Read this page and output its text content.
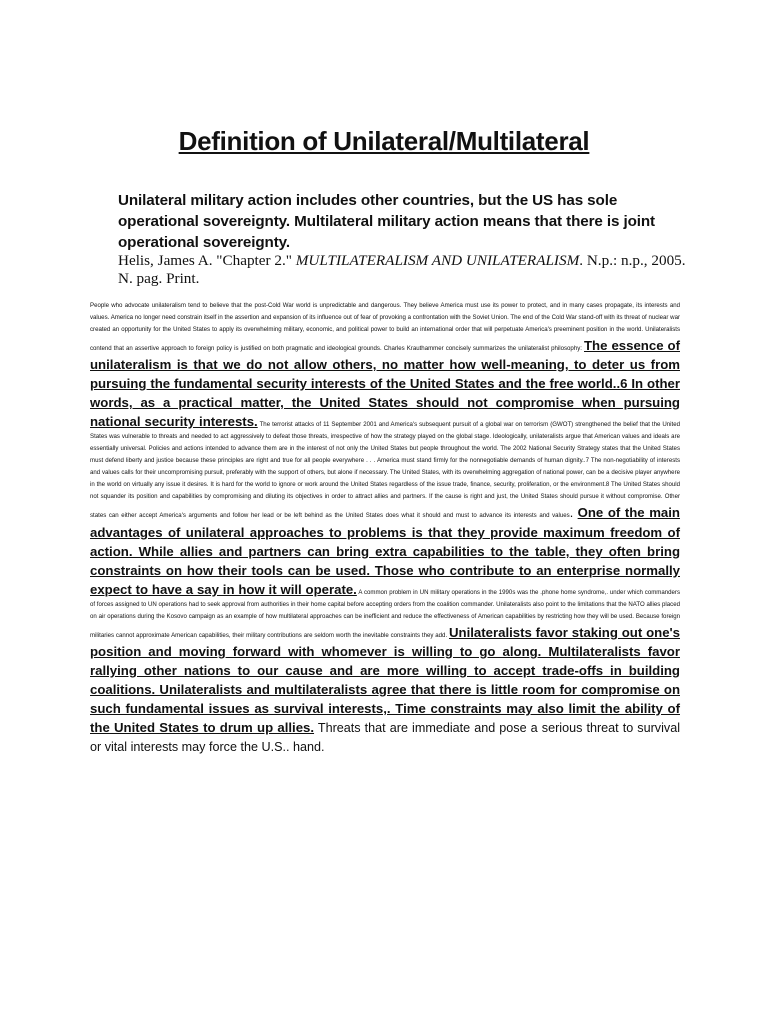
Definition of Unilateral/Multilateral

Unilateral military action includes other countries, but the US has sole operational sovereignty. Multilateral military action means that there is joint operational sovereignty.

Helis, James A. "Chapter 2." MULTILATERALISM AND UNILATERALISM. N.p.: n.p., 2005. N. pag. Print.

People who advocate unilateralism tend to believe that the post-Cold War world is unpredictable and dangerous. They believe America must use its power to protect, and in many cases propagate, its interests and values. America no longer need constrain itself in the assertion and expansion of its influence out of fear of provoking a confrontation with the Soviet Union. The end of the Cold War stand-off with its threat of nuclear war created an opportunity for the United States to apply its overwhelming military, economic, and political power to build an international order that will perpetuate America's preeminent position in the world. Unilateralists contend that an assertive approach to foreign policy is justified on both pragmatic and ideological grounds. Charles Krauthammer concisely summarizes the unilateralist philosophy: The essence of unilateralism is that we do not allow others, no matter how well-meaning, to deter us from pursuing the fundamental security interests of the United States and the free world..6 In other words, as a practical matter, the United States should not compromise when pursuing national security interests. The terrorist attacks of 11 September 2001 and America's subsequent pursuit of a global war on terrorism (GWOT) strengthened the belief that the United States was vulnerable to threats and needed to act aggressively to defeat those threats, irrespective of how the strategy played on the global stage. Ideologically, unilateralists argue that American values and ideals are essentially universal. Policies and actions intended to advance them are in the interest of not only the United States but people throughout the world. The 2002 National Security Strategy states that the United States must defend liberty and justice because these principles are right and true for all people everywhere . . . America must stand firmly for the nonnegotiable demands of human dignity..7 The non-negotiability of interests and values calls for their uncompromising pursuit, preferably with the support of others, but alone if necessary. The United States, with its overwhelming aggregation of national power, can be a decisive player anywhere in the world on virtually any issue it desires. It is hard for the world to ignore or work around the United States regardless of the issue trade, finance, security, proliferation, or the environment.8 The United States should not squander its position and capabilities by compromising and diluting its objectives in order to attract allies and partners. If the cause is right and just, the United States should pursue it without compromise. Other states can either accept America's arguments and follow her lead or be left behind as the United States does what it should and must to advance its interests and values. One of the main advantages of unilateral approaches to problems is that they provide maximum freedom of action. While allies and partners can bring extra capabilities to the table, they often bring constraints on how their tools can be used. Those who contribute to an enterprise normally expect to have a say in how it will operate. A common problem in UN military operations in the 1990s was the .phone home syndrome,. under which commanders of forces assigned to UN operations had to seek approval from authorities in their home capital before accepting orders from the coalition commander. Unilateralists also point to the limitations that the NATO allies placed on air operations during the Kosovo campaign as an example of how multilateral approaches can be inefficient and reduce the effectiveness of American capabilities by restricting how they will be used. Because foreign militaries cannot approximate American capabilities, their military contributions are seldom worth the inevitable constraints they add. Unilateralists favor staking out one's position and moving forward with whomever is willing to go along. Multilateralists favor rallying other nations to our cause and are more willing to accept trade-offs in building coalitions. Unilateralists and multilateralists agree that there is little room for compromise on such fundamental issues as survival interests,. Time constraints may also limit the ability of the United States to drum up allies. Threats that are immediate and pose a serious threat to survival or vital interests may force the U.S.. hand.
